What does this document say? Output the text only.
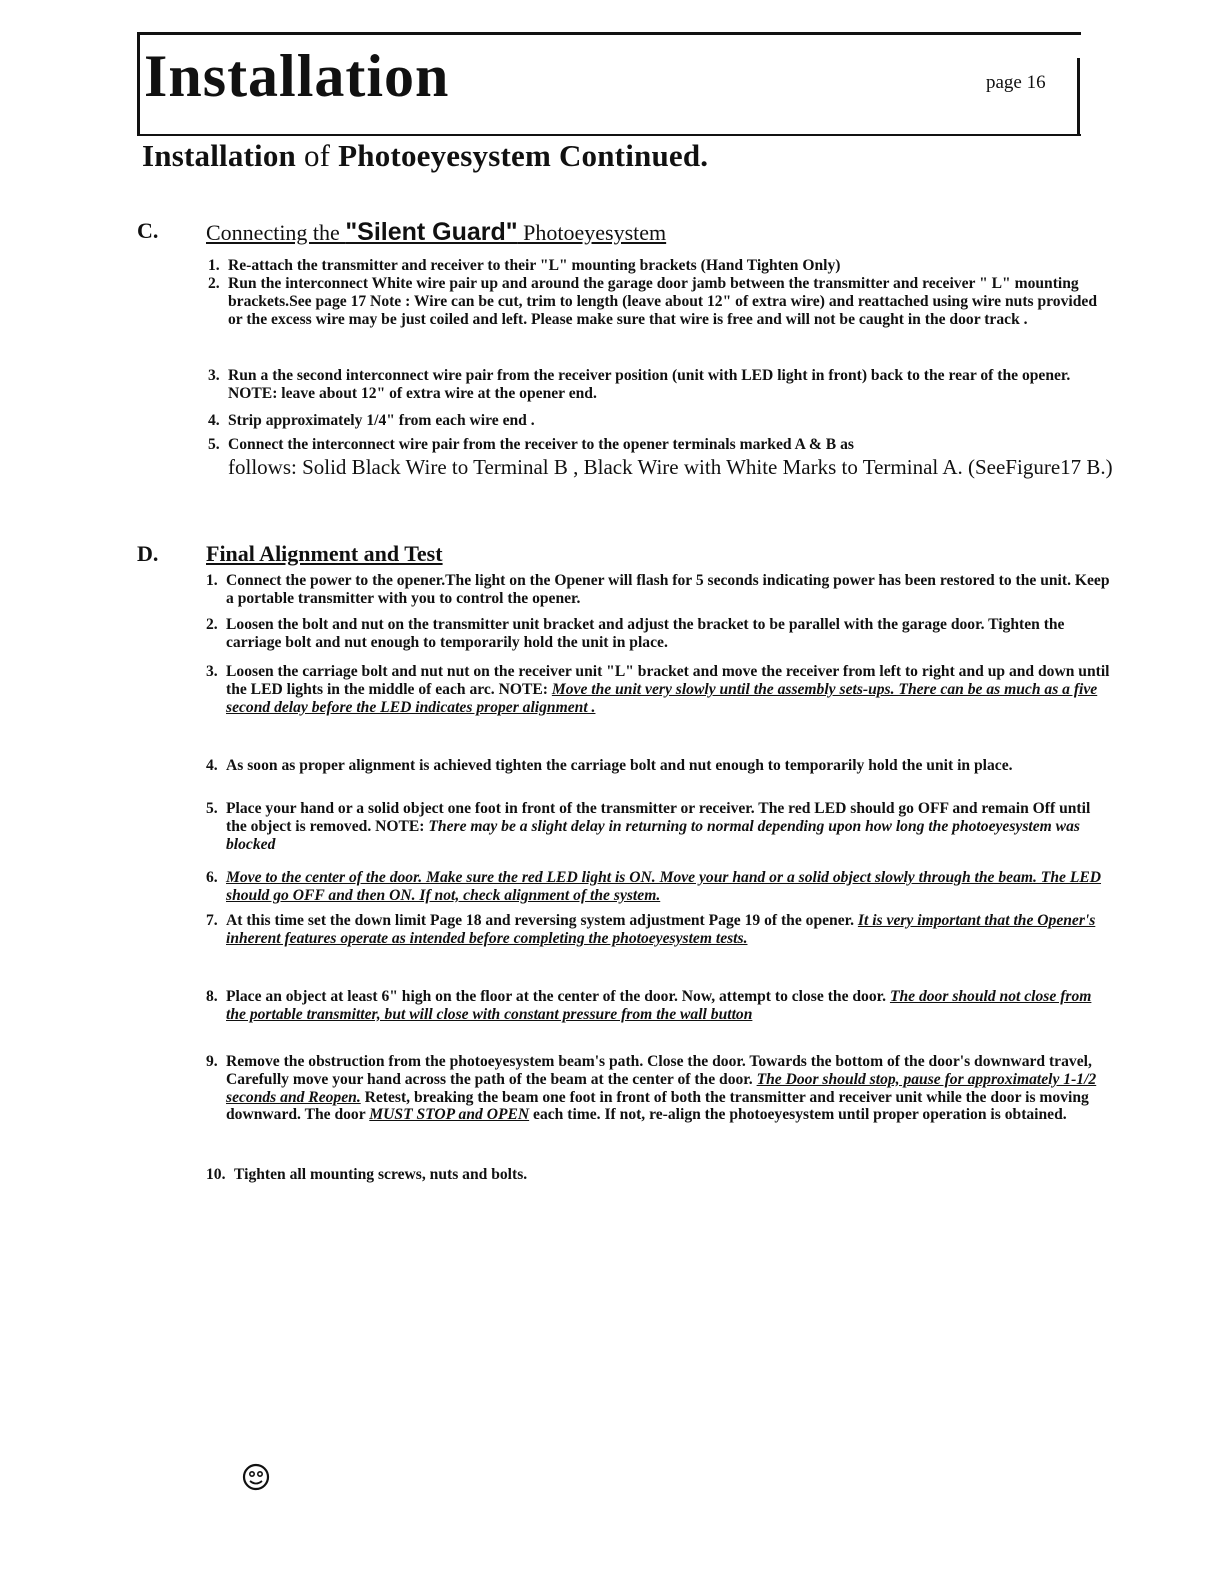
Installation	page 16
Installation of Photoeyesystem Continued.
C. Connecting the "Silent Guard" Photoeyesystem
1. Re-attach the transmitter and receiver to their "L" mounting brackets (Hand Tighten Only)
2. Run the interconnect White wire pair up and around the garage door jamb between the transmitter and receiver " L" mounting brackets.See page 17 Note : Wire can be cut, trim to length (leave about 12" of extra wire) and reattached using wire nuts provided or the excess wire may be just coiled and left. Please make sure that wire is free and will not be caught in the door track .
3. Run a the second interconnect wire pair from the receiver position (unit with LED light in front) back to the rear of the opener. NOTE: leave about 12" of extra wire at the opener end.
4. Strip approximately 1/4" from each wire end .
5. Connect the interconnect wire pair from the receiver to the opener terminals marked A & B as
follows: Solid Black Wire to Terminal B , Black Wire with White Marks to Terminal A. (SeeFigure17 B.)
D. Final Alignment and Test
1. Connect the power to the opener.The light on the Opener will flash for 5 seconds indicating power has been restored to the unit. Keep a portable transmitter with you to control the opener.
2. Loosen the bolt and nut on the transmitter unit bracket and adjust the bracket to be parallel with the garage door. Tighten the carriage bolt and nut enough to temporarily hold the unit in place.
3. Loosen the carriage bolt and nut nut on the receiver unit "L" bracket and move the receiver from left to right and up and down until the LED lights in the middle of each arc. NOTE: Move the unit very slowly until the assembly sets-ups. There can be as much as a five second delay before the LED indicates proper alignment .
4. As soon as proper alignment is achieved tighten the carriage bolt and nut enough to temporarily hold the unit in place.
5. Place your hand or a solid object one foot in front of the transmitter or receiver. The red LED should go OFF and remain Off until the object is removed. NOTE: There may be a slight delay in returning to normal depending upon how long the photoeyesystem was blocked
6. Move to the center of the door. Make sure the red LED light is ON. Move your hand or a solid object slowly through the beam. The LED should go OFF and then ON. If not, check alignment of the system.
7. At this time set the down limit Page 18 and reversing system adjustment Page 19 of the opener. It is very important that the Opener's inherent features operate as intended before completing the photoeyesystem tests.
8. Place an object at least 6" high on the floor at the center of the door. Now, attempt to close the door. The door should not close from the portable transmitter, but will close with constant pressure from the wall button
9. Remove the obstruction from the photoeyesystem beam's path. Close the door. Towards the bottom of the door's downward travel, Carefully move your hand across the path of the beam at the center of the door. The Door should stop, pause for approximately 1-1/2 seconds and Reopen. Retest, breaking the beam one foot in front of both the transmitter and receiver unit while the door is moving downward. The door MUST STOP and OPEN each time. If not, re-align the photoeyesystem until proper operation is obtained.
10. Tighten all mounting screws, nuts and bolts.
